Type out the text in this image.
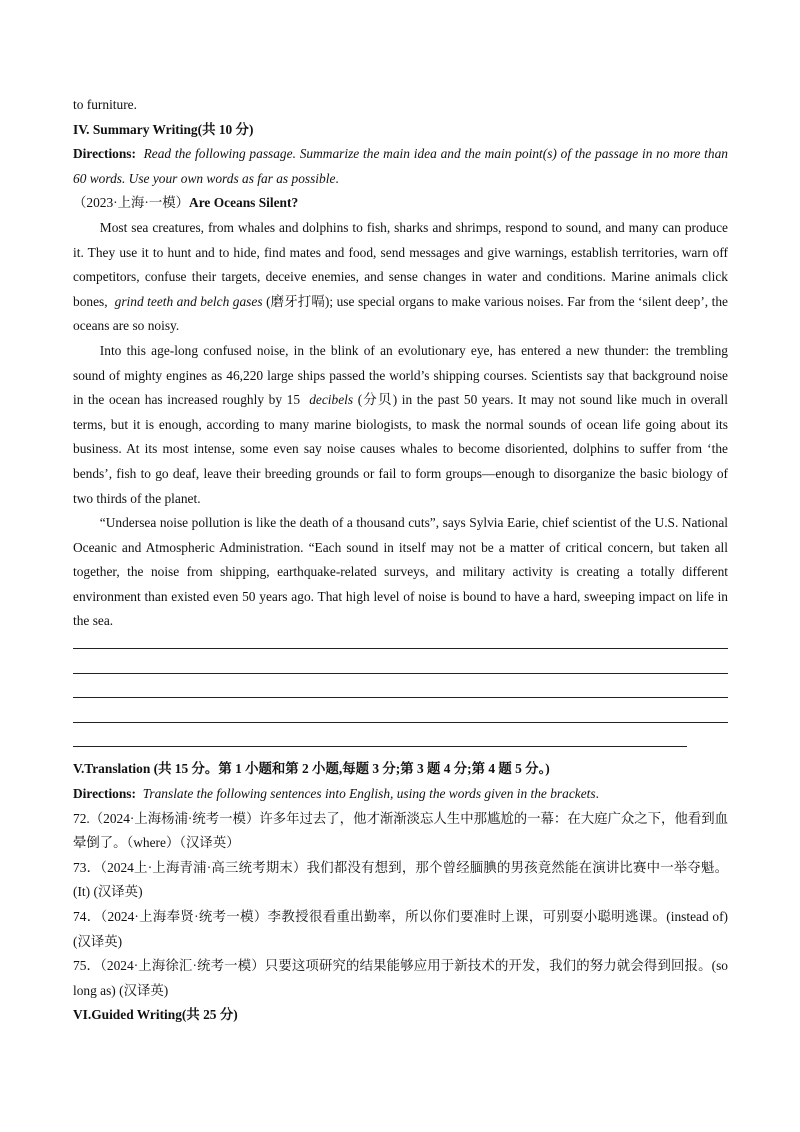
to furniture.
IV. Summary Writing(共 10 分)
Directions: Read the following passage. Summarize the main idea and the main point(s) of the passage in no more than 60 words. Use your own words as far as possible.
（2023·上海·一模）Are Oceans Silent?
Most sea creatures, from whales and dolphins to fish, sharks and shrimps, respond to sound, and many can produce it. They use it to hunt and to hide, find mates and food, send messages and give warnings, establish territories, warn off competitors, confuse their targets, deceive enemies, and sense changes in water and conditions. Marine animals click bones, grind teeth and belch gases (磨牙打嗝); use special organs to make various noises. Far from the ‘silent deep’, the oceans are so noisy.
Into this age-long confused noise, in the blink of an evolutionary eye, has entered a new thunder: the trembling sound of mighty engines as 46,220 large ships passed the world’s shipping courses. Scientists say that background noise in the ocean has increased roughly by 15 decibels (分贝) in the past 50 years. It may not sound like much in overall terms, but it is enough, according to many marine biologists, to mask the normal sounds of ocean life going about its business. At its most intense, some even say noise causes whales to become disoriented, dolphins to suffer from ‘the bends’, fish to go deaf, leave their breeding grounds or fail to form groups—enough to disorganize the basic biology of two thirds of the planet.
“Undersea noise pollution is like the death of a thousand cuts”, says Sylvia Earie, chief scientist of the U.S. National Oceanic and Atmospheric Administration. “Each sound in itself may not be a matter of critical concern, but taken all together, the noise from shipping, earthquake-related surveys, and military activity is creating a totally different environment than existed even 50 years ago. That high level of noise is bound to have a hard, sweeping impact on life in the sea.
V.Translation (共 15 分。第 1 小题和第 2 小题,每题 3 分;第 3 题 4 分;第 4 题 5 分。)
Directions: Translate the following sentences into English, using the words given in the brackets.
72.（2024·上海杨浦·统考一模）许多年过去了，他才渐渐淡忘人生中那尴尬的一幕：在大庭广众之下，他看到血晕倒了。（where）（汉译英）
73．（2024上·上海青浦·高三统考期末）我们都没有想到，那个曾经腼腆的男孩竟然能在演讲比赛中一举夺魁。 (It) (汉译英)
74．（2024·上海奉贤·统考一模）李教授很看重出勤率，所以你们要准时上课，可别耍小聪明逃课。(instead of) (汉译英)
75．（2024·上海徐汇·统考一模）只要这项研究的结果能够应用于新技术的开发，我们的努力就会得到回报。(so long as) (汉译英)
VI.Guided Writing(共 25 分)
